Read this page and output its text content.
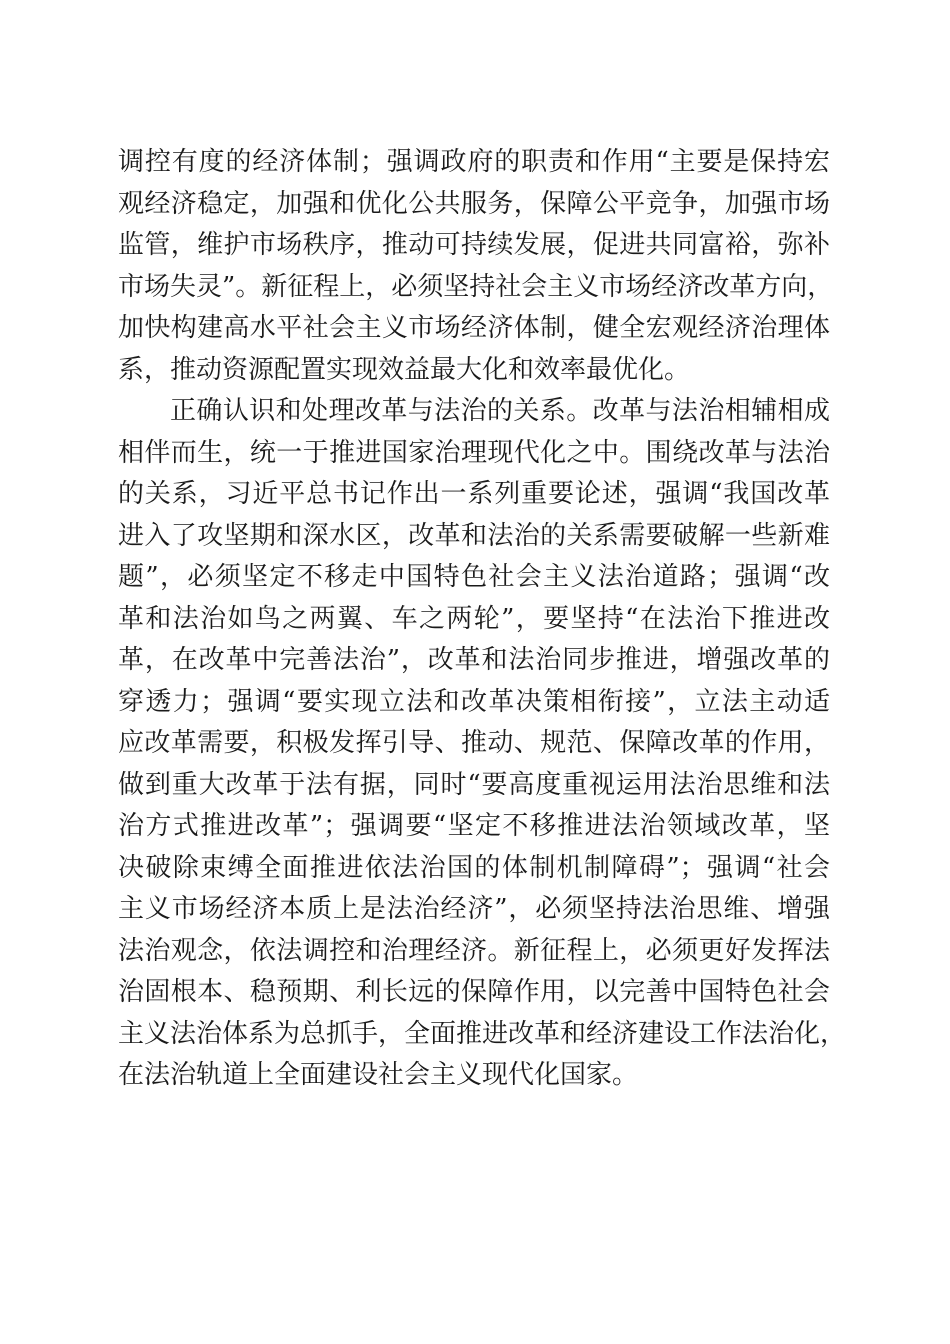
调控有度的经济体制；强调政府的职责和作用“主要是保持宏
观经济稳定，加强和优化公共服务，保障公平竞争，加强市场
监管，维护市场秩序，推动可持续发展，促进共同富裕，弥补
市场失灵”。新征程上，必须坚持社会主义市场经济改革方向，
加快构建高水平社会主义市场经济体制，健全宏观经济治理体
系，推动资源配置实现效益最大化和效率最优化。
正确认识和处理改革与法治的关系。改革与法治相辅相成
相伴而生，统一于推进国家治理现代化之中。围绕改革与法治
的关系，习近平总书记作出一系列重要论述，强调“我国改革
进入了攻坚期和深水区，改革和法治的关系需要破解一些新难
题”，必须坚定不移走中国特色社会主义法治道路；强调“改
革和法治如鸟之两翼、车之两轮”，要坚持“在法治下推进改
革，在改革中完善法治”，改革和法治同步推进，增强改革的
穿透力；强调“要实现立法和改革决策相衔接”，立法主动适
应改革需要，积极发挥引导、推动、规范、保障改革的作用，
做到重大改革于法有据，同时“要高度重视运用法治思维和法
治方式推进改革”；强调要“坚定不移推进法治领域改革，坚
决破除束缚全面推进依法治国的体制机制障碍”；强调“社会
主义市场经济本质上是法治经济”，必须坚持法治思维、增强
法治观念，依法调控和治理经济。新征程上，必须更好发挥法
治固根本、稳预期、利长远的保障作用，以完善中国特色社会
主义法治体系为总抓手，全面推进改革和经济建设工作法治化，
在法治轨道上全面建设社会主义现代化国家。
